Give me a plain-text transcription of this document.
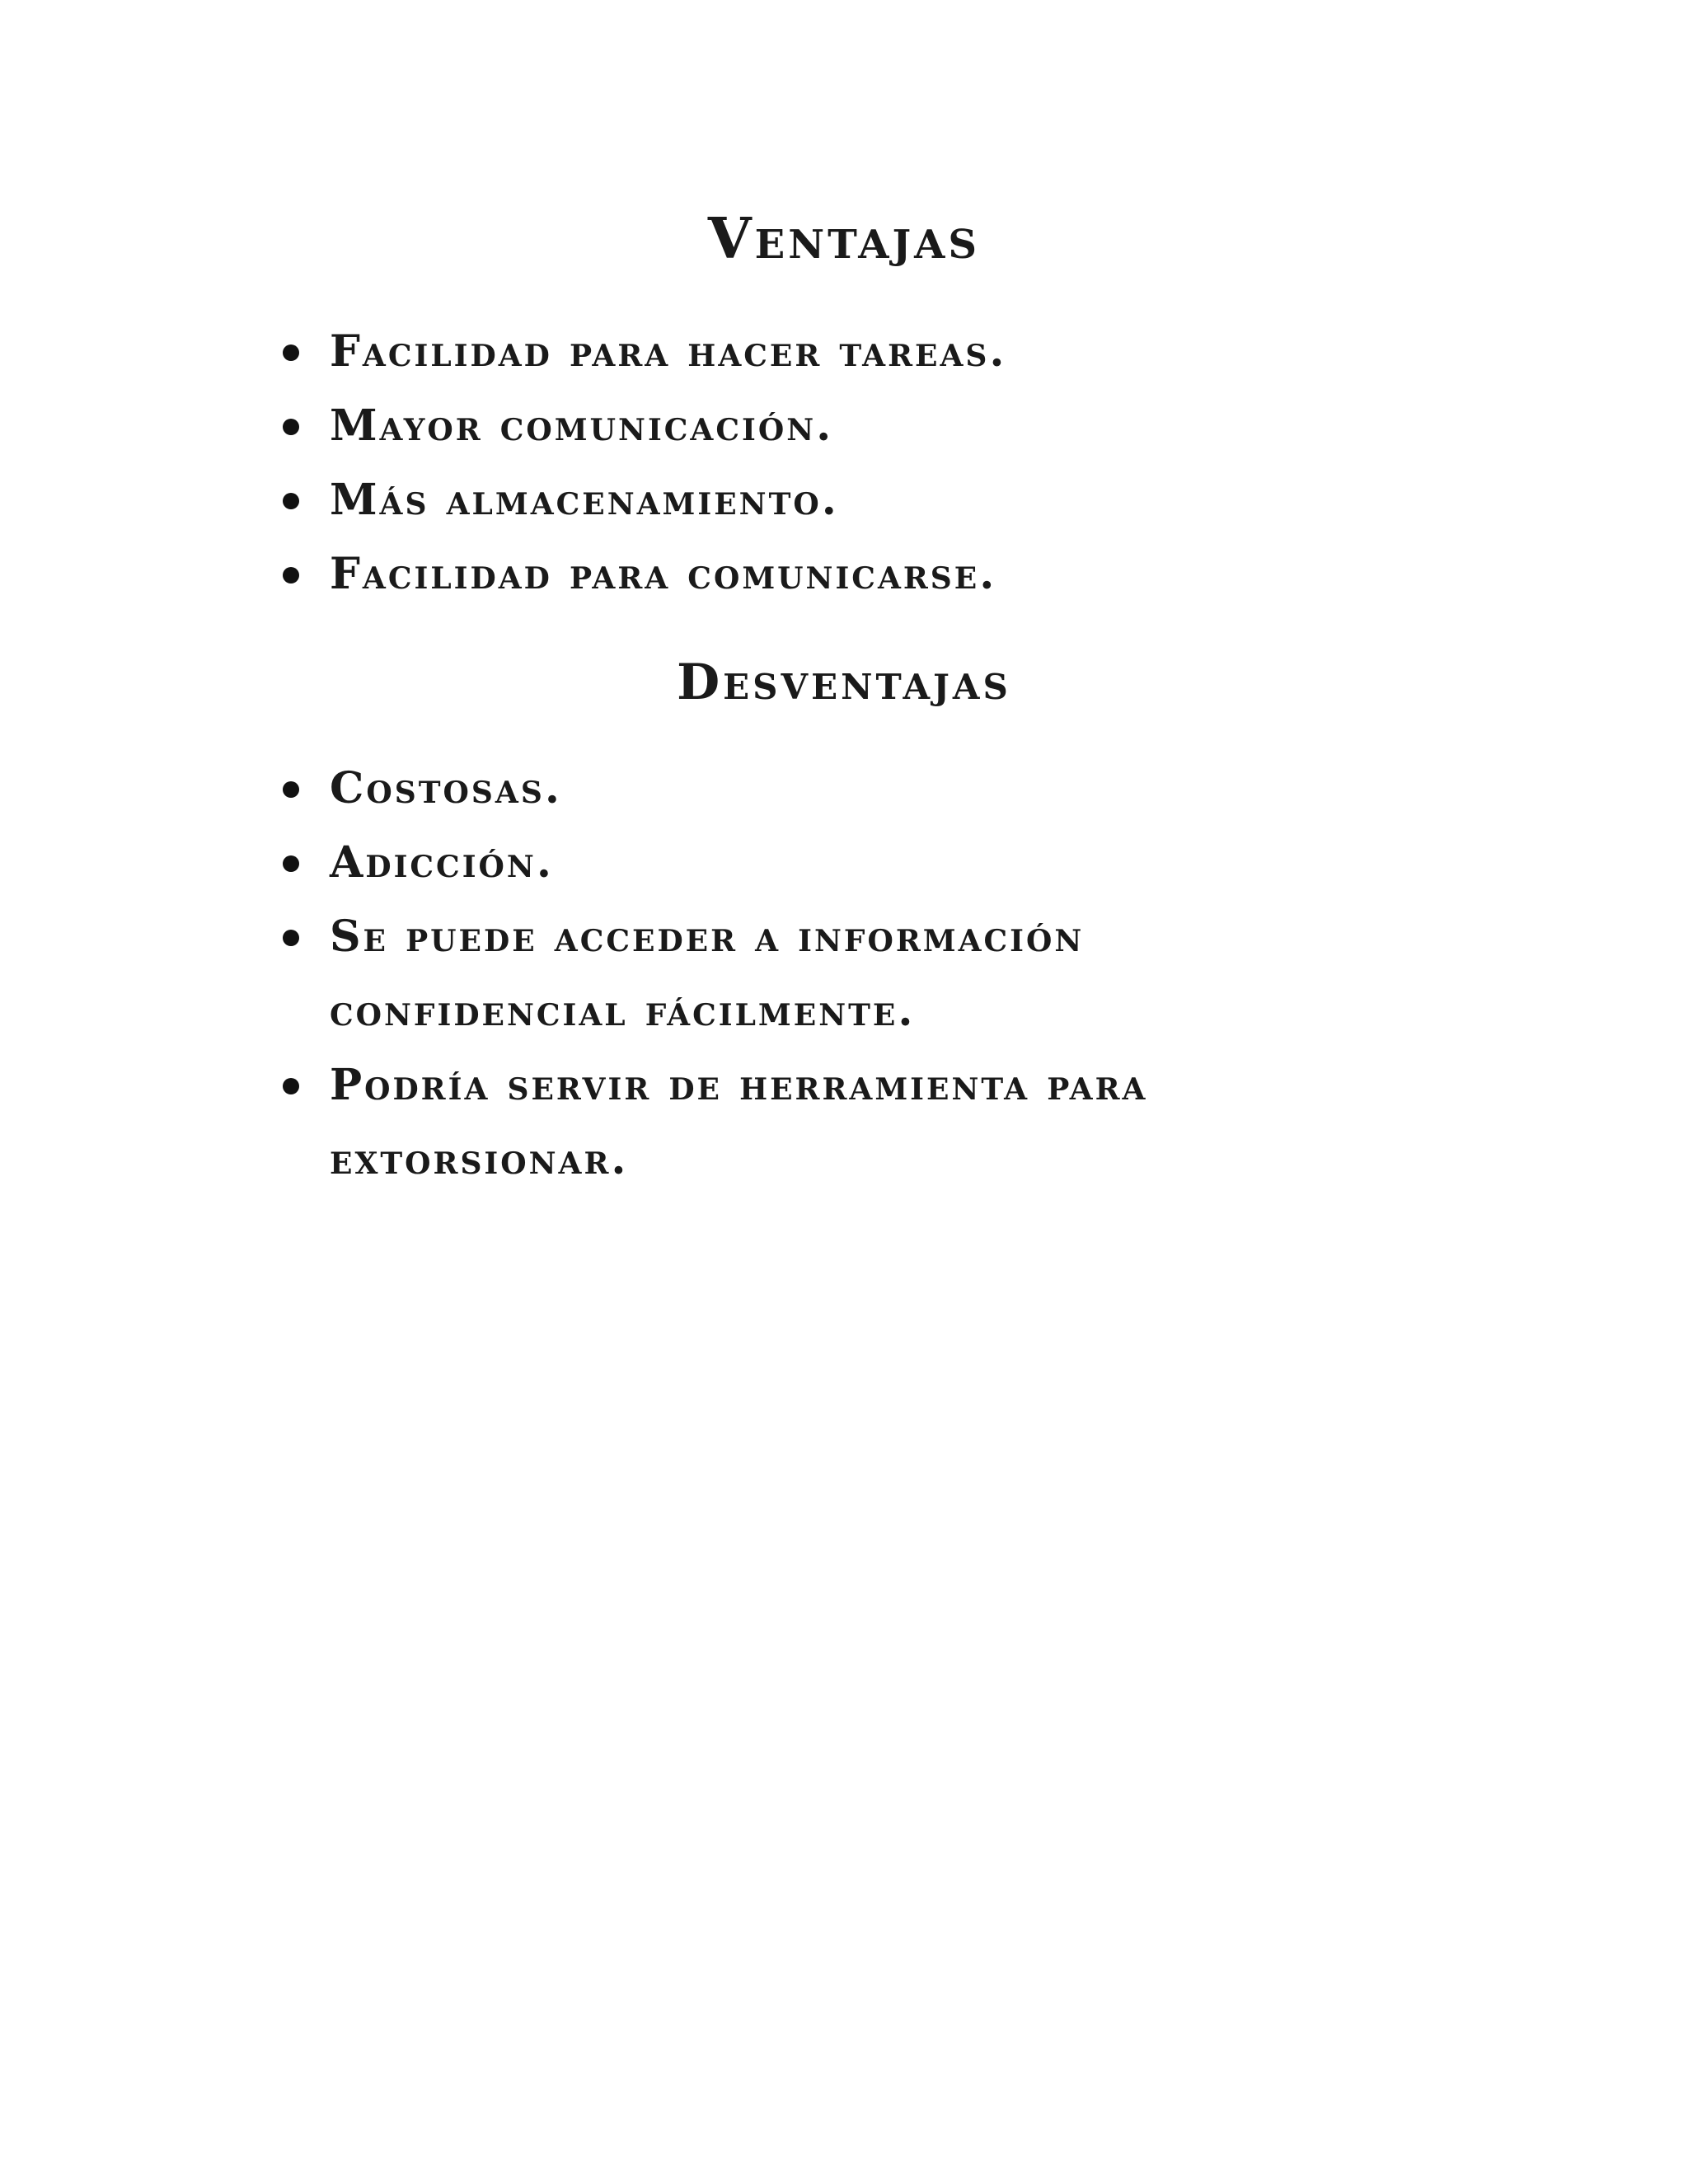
Ventajas
Facilidad para hacer tareas.
Mayor comunicación.
Más almacenamiento.
Facilidad para comunicarse.
Desventajas
Costosas.
Adicción.
Se puede acceder a información confidencial fácilmente.
Podría servir de herramienta para extorsionar.
